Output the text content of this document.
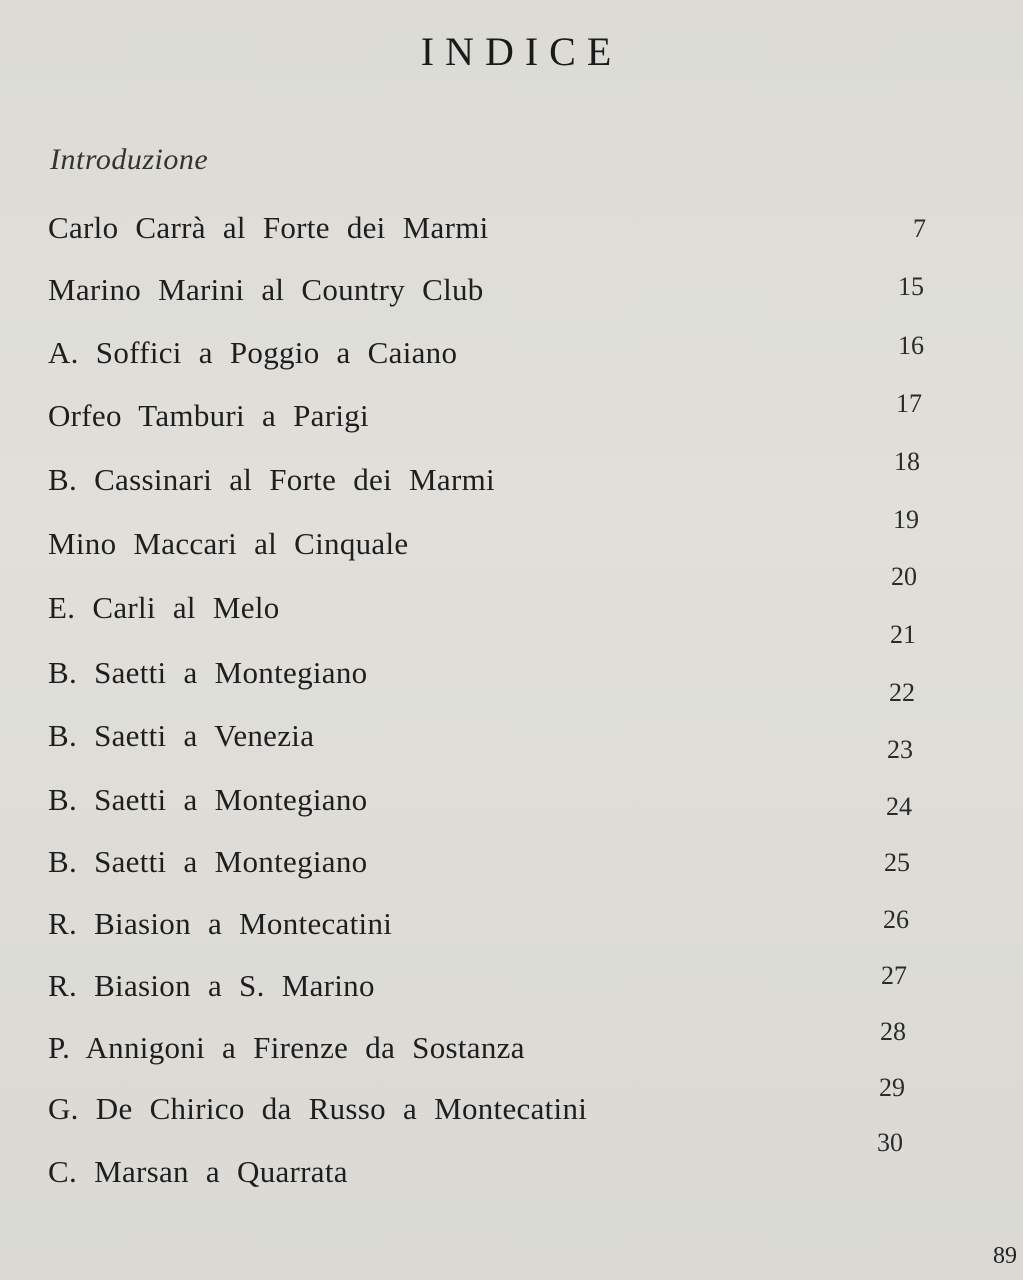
INDICE
Introduzione
Carlo Carrà al Forte dei Marmi
Marino Marini al Country Club
A. Soffici a Poggio a Caiano
Orfeo Tamburi a Parigi
B. Cassinari al Forte dei Marmi
Mino Maccari al Cinquale
E. Carli al Melo
B. Saetti a Montegiano
B. Saetti a Venezia
B. Saetti a Montegiano
B. Saetti a Montegiano
R. Biasion a Montecatini
R. Biasion a S. Marino
P. Annigoni a Firenze da Sostanza
G. De Chirico da Russo a Montecatini
C. Marsan a Quarrata
7
15
16
17
18
19
20
21
22
23
24
25
26
27
28
29
30
89
